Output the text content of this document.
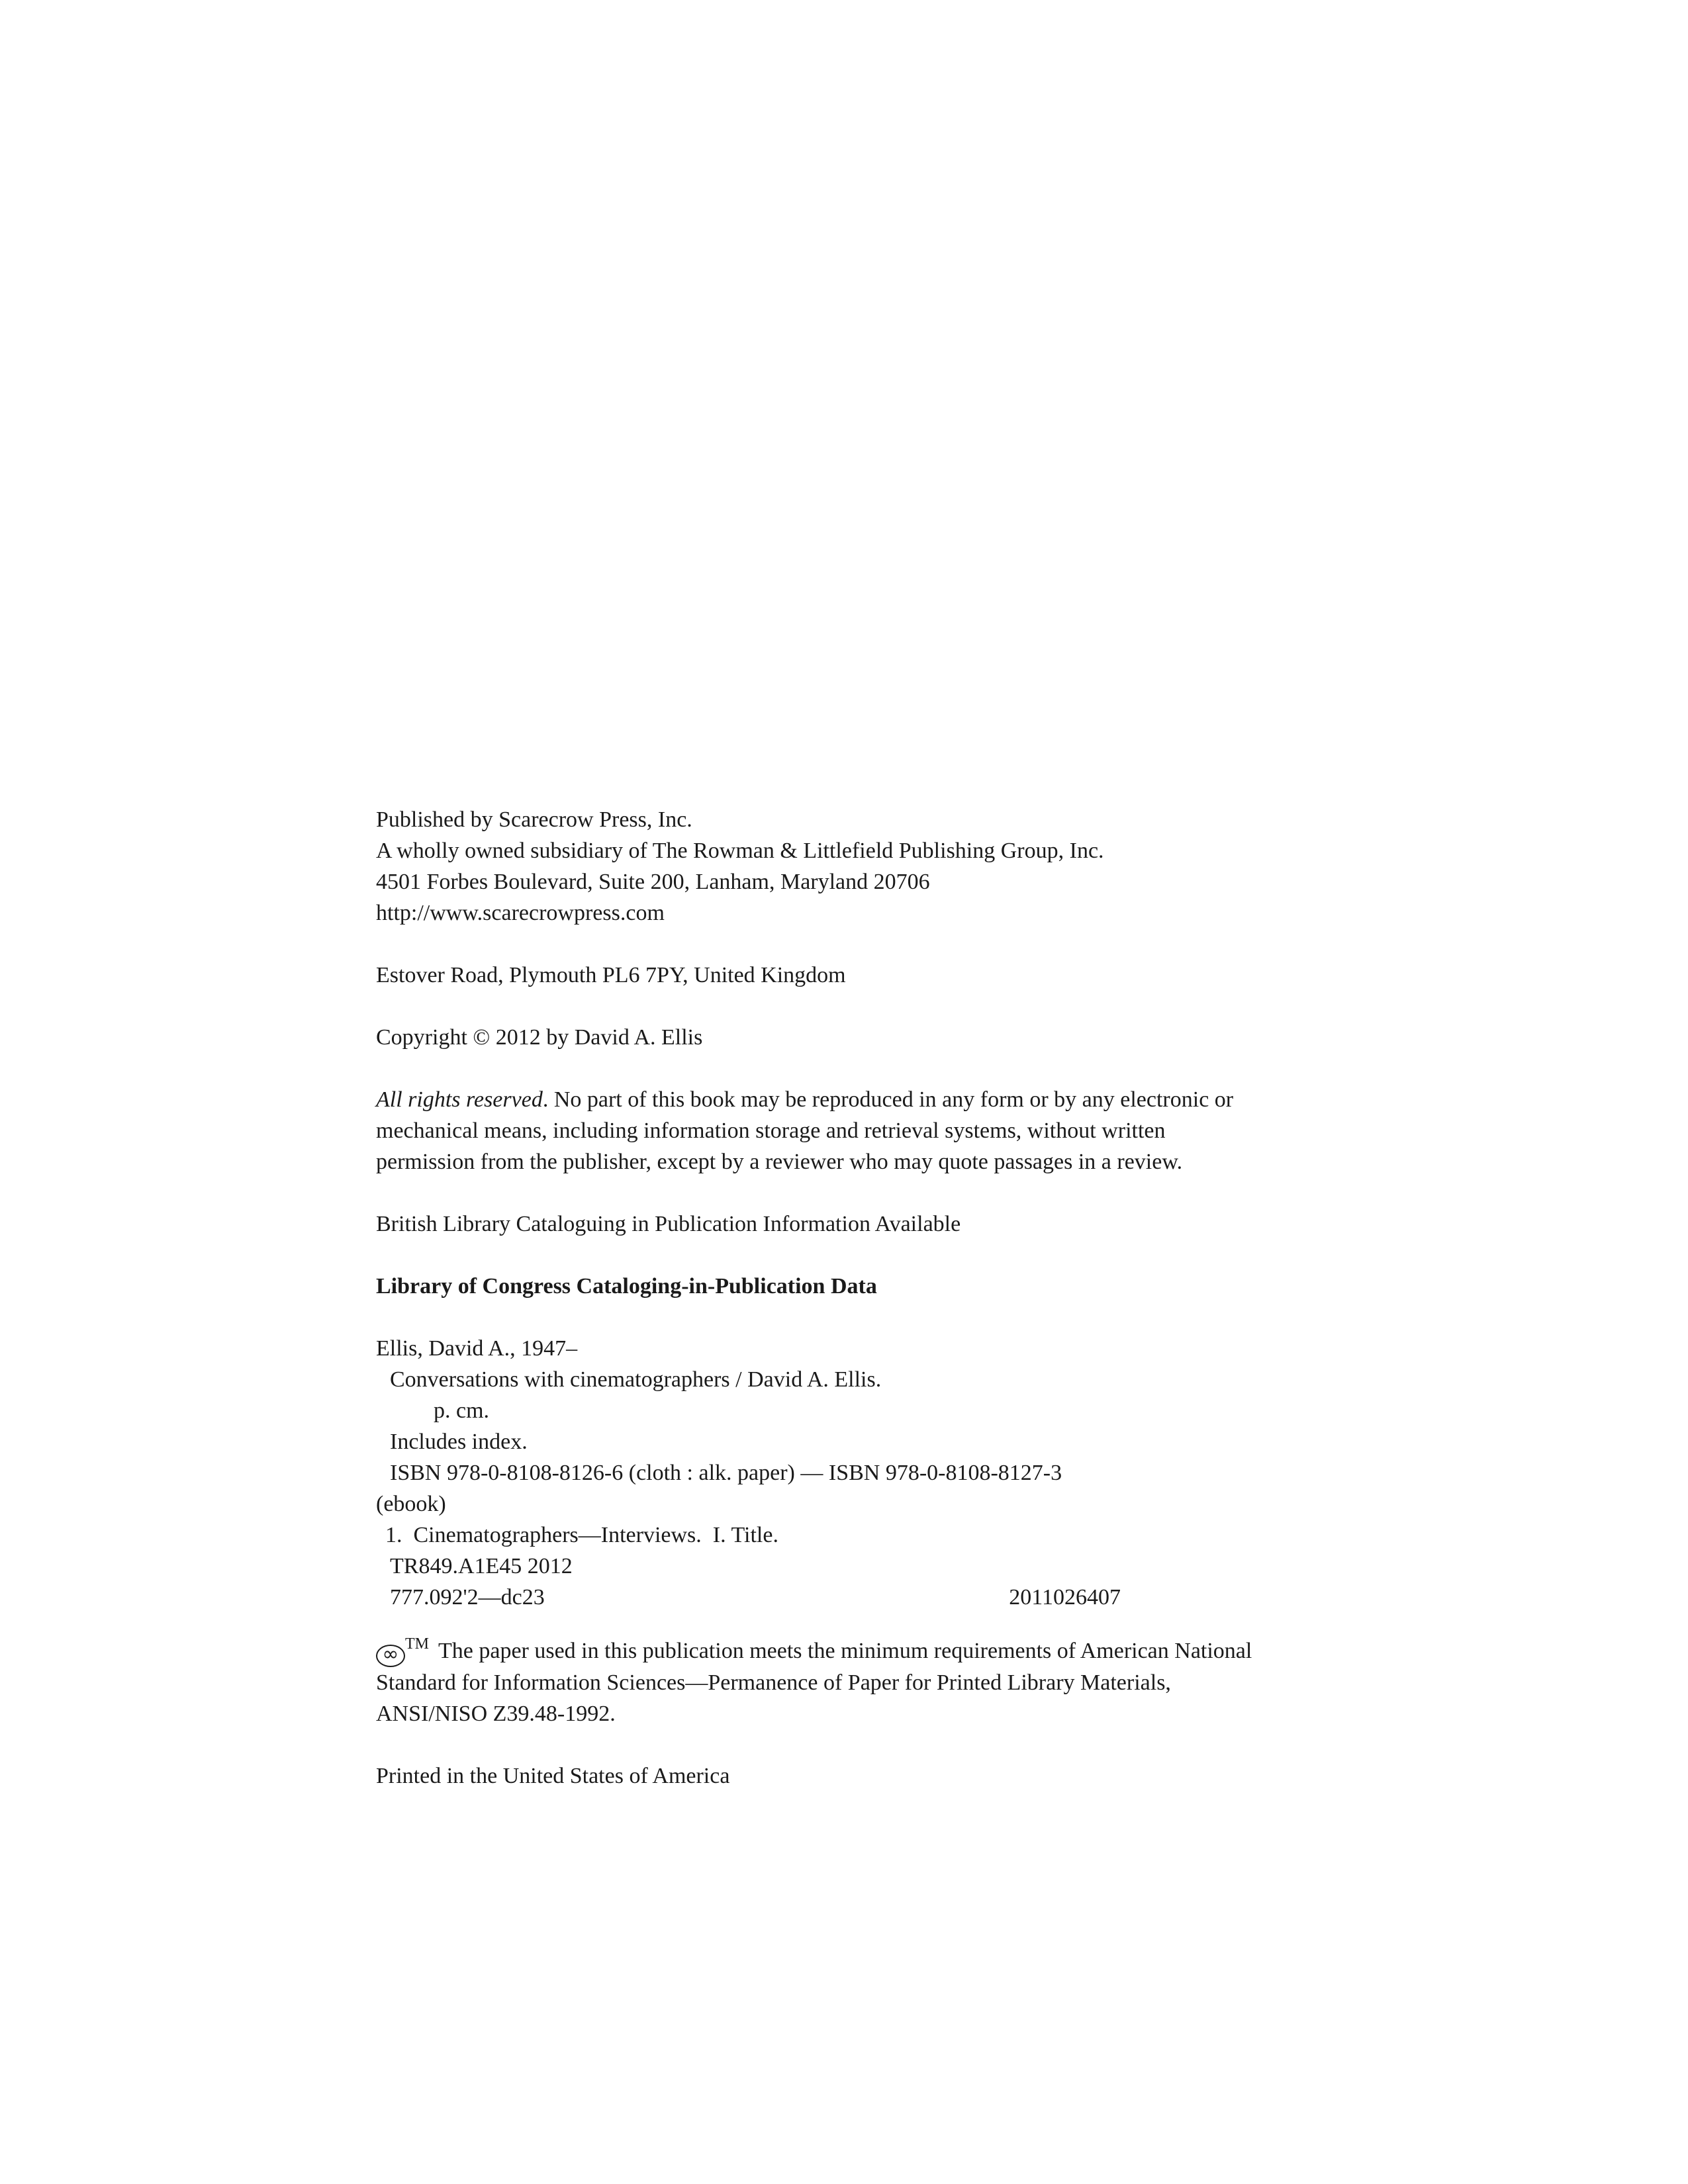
Published by Scarecrow Press, Inc.
A wholly owned subsidiary of The Rowman & Littlefield Publishing Group, Inc.
4501 Forbes Boulevard, Suite 200, Lanham, Maryland 20706
http://www.scarecrowpress.com
Estover Road, Plymouth PL6 7PY, United Kingdom
Copyright © 2012 by David A. Ellis
All rights reserved. No part of this book may be reproduced in any form or by any electronic or mechanical means, including information storage and retrieval systems, without written permission from the publisher, except by a reviewer who may quote passages in a review.
British Library Cataloguing in Publication Information Available
Library of Congress Cataloging-in-Publication Data
Ellis, David A., 1947–
Conversations with cinematographers / David A. Ellis.
p. cm.
Includes index.
ISBN 978-0-8108-8126-6 (cloth : alk. paper) — ISBN 978-0-8108-8127-3
(ebook)
1.  Cinematographers—Interviews.  I. Title.
TR849.A1E45 2012
777.092'2—dc23	2011026407
∞ ™ The paper used in this publication meets the minimum requirements of American National Standard for Information Sciences—Permanence of Paper for Printed Library Materials, ANSI/NISO Z39.48-1992.
Printed in the United States of America
